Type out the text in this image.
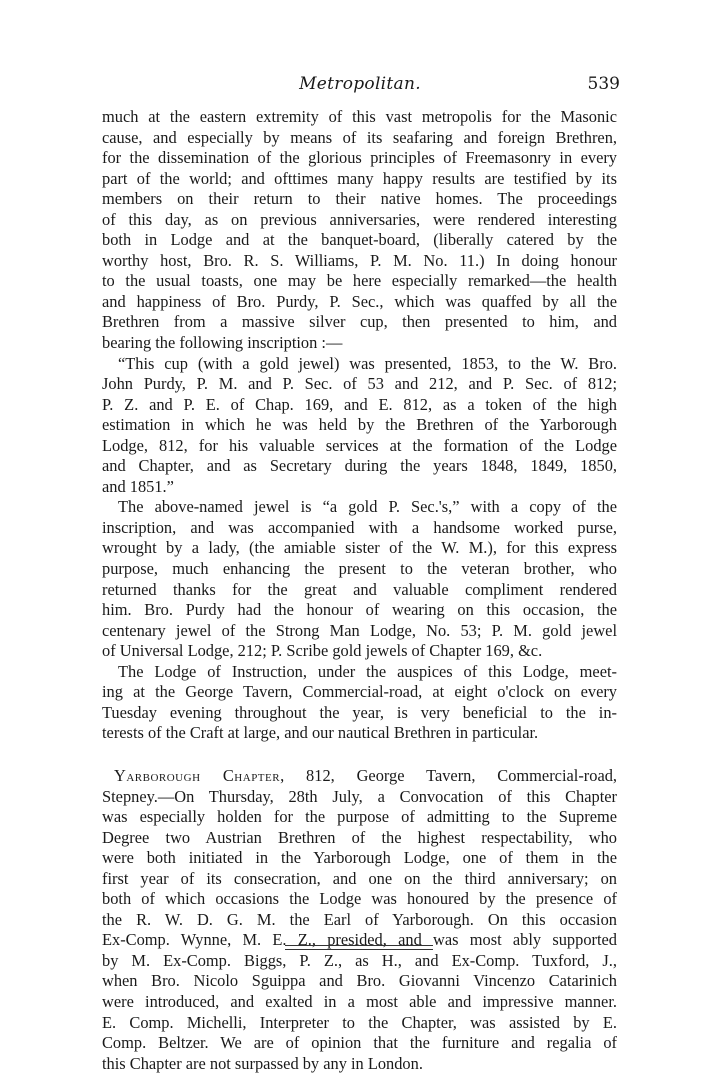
Metropolitan.	539
much at the eastern extremity of this vast metropolis for the Masonic
cause, and especially by means of its seafaring and foreign Brethren,
for the dissemination of the glorious principles of Freemasonry in every
part of the world; and ofttimes many happy results are testified by its
members on their return to their native homes. The proceedings
of this day, as on previous anniversaries, were rendered interesting
both in Lodge and at the banquet-board, (liberally catered by the
worthy host, Bro. R. S. Williams, P. M. No. 11.) In doing honour
to the usual toasts, one may be here especially remarked—the health
and happiness of Bro. Purdy, P. Sec., which was quaffed by all the
Brethren from a massive silver cup, then presented to him, and
bearing the following inscription :—
“This cup (with a gold jewel) was presented, 1853, to the W. Bro.
John Purdy, P. M. and P. Sec. of 53 and 212, and P. Sec. of 812;
P. Z. and P. E. of Chap. 169, and E. 812, as a token of the high
estimation in which he was held by the Brethren of the Yarborough
Lodge, 812, for his valuable services at the formation of the Lodge
and Chapter, and as Secretary during the years 1848, 1849, 1850,
and 1851.”
The above-named jewel is “a gold P. Sec.'s,” with a copy of the
inscription, and was accompanied with a handsome worked purse,
wrought by a lady, (the amiable sister of the W. M.), for this express
purpose, much enhancing the present to the veteran brother, who
returned thanks for the great and valuable compliment rendered
him. Bro. Purdy had the honour of wearing on this occasion, the
centenary jewel of the Strong Man Lodge, No. 53; P. M. gold jewel
of Universal Lodge, 212; P. Scribe gold jewels of Chapter 169, &c.
The Lodge of Instruction, under the auspices of this Lodge, meet-
ing at the George Tavern, Commercial-road, at eight o'clock on every
Tuesday evening throughout the year, is very beneficial to the in-
terests of the Craft at large, and our nautical Brethren in particular.
Yarborough Chapter, 812, George Tavern, Commercial-road,
Stepney.—On Thursday, 28th July, a Convocation of this Chapter
was especially holden for the purpose of admitting to the Supreme
Degree two Austrian Brethren of the highest respectability, who
were both initiated in the Yarborough Lodge, one of them in the
first year of its consecration, and one on the third anniversary; on
both of which occasions the Lodge was honoured by the presence of
the R. W. D. G. M. the Earl of Yarborough. On this occasion
Ex-Comp. Wynne, M. E. Z., presided, and was most ably supported
by M. Ex-Comp. Biggs, P. Z., as H., and Ex-Comp. Tuxford, J.,
when Bro. Nicolo Sguippa and Bro. Giovanni Vincenzo Catarinich
were introduced, and exalted in a most able and impressive manner.
E. Comp. Michelli, Interpreter to the Chapter, was assisted by E.
Comp. Beltzer. We are of opinion that the furniture and regalia of
this Chapter are not surpassed by any in London.
